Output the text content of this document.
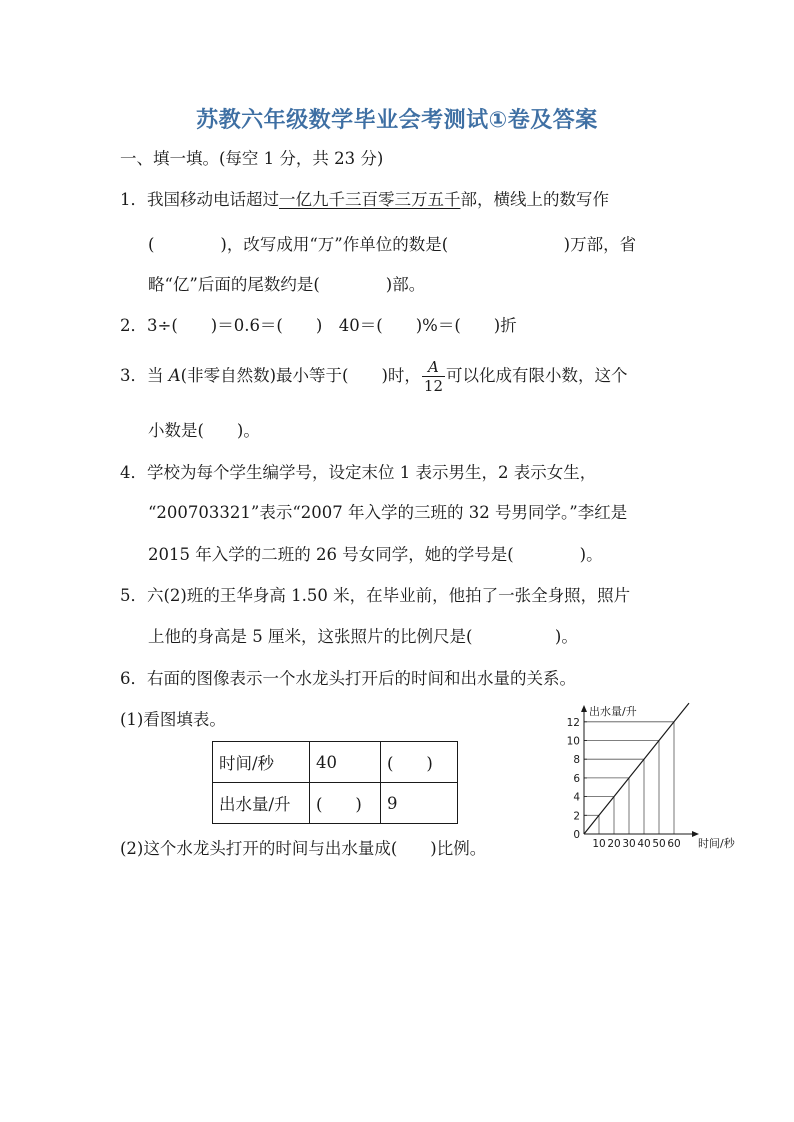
苏教六年级数学毕业会考测试①卷及答案
一、填一填。(每空 1 分，共 23 分)
1．我国移动电话超过一亿九千三百零三万五千部，横线上的数写作
(　　　　)，改写成用“万”作单位的数是(　　　　　　　)万部，省
略“亿”后面的尾数约是(　　　　)部。
2．3÷(　　)＝0.6＝(　　)　40＝(　　)%＝(　　)折
3．当 A(非零自然数)最小等于(　　)时， $\frac{A}{12}$ 可以化成有限小数，这个
小数是(　　)。
4．学校为每个学生编学号，设定末位 1 表示男生，2 表示女生，
“200703321”表示“2007 年入学的三班的 32 号男同学。”李红是
2015 年入学的二班的 26 号女同学，她的学号是(　　　　)。
5．六(2)班的王华身高 1.50 米，在毕业前，他拍了一张全身照，照片
上他的身高是 5 厘米，这张照片的比例尺是(　　　　　)。
6．右面的图像表示一个水龙头打开后的时间和出水量的关系。
(1)看图填表。
时间/秒	40	(　　)
出水量/升	(　　)	9
(2)这个水龙头打开的时间与出水量成(　　)比例。
出水量/升
时间/秒
0
2
4
6
8
10
12
10 20 30 40 50 60
